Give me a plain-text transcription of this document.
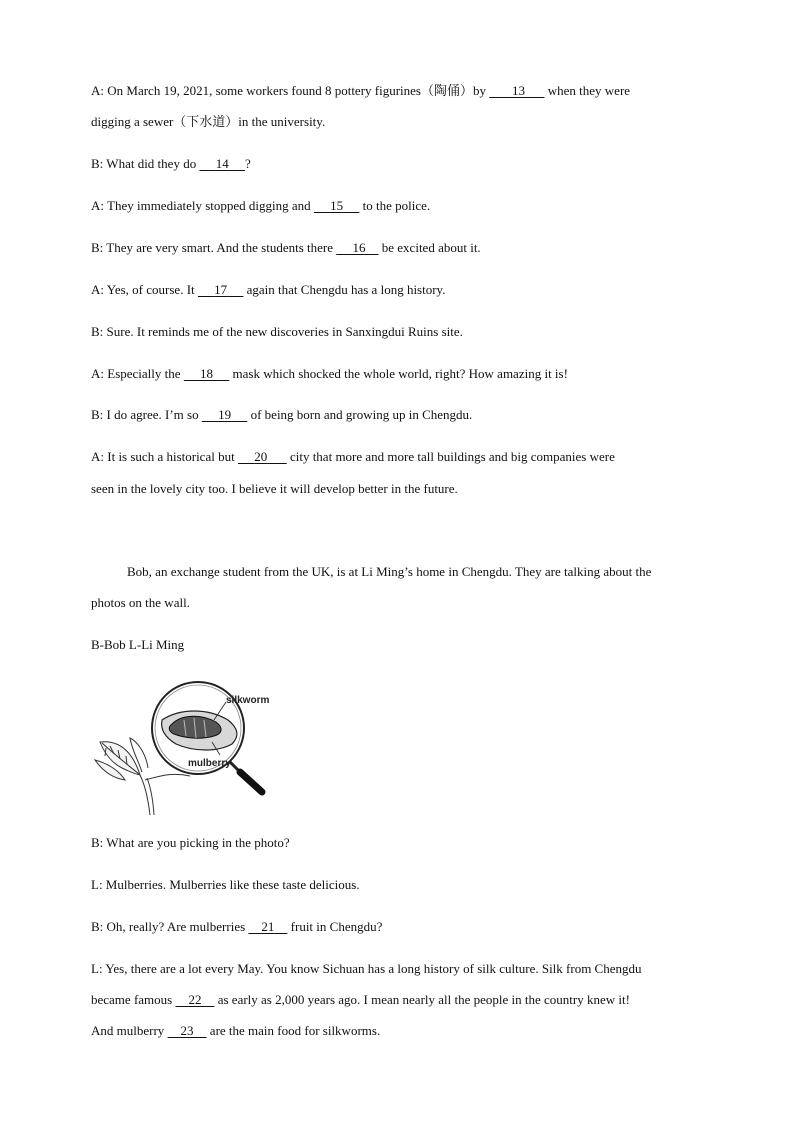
A: On March 19, 2021, some workers found 8 pottery figurines（陶俑）by        13       when they were
digging a sewer（下水道）in the university.
B: What did they do      14 ?
A: They immediately stopped digging and      15      to the police.
B: They are very smart. And the students there      16     be excited about it.
A: Yes, of course. It      17      again that Chengdu has a long history.
B: Sure. It reminds me of the new discoveries in Sanxingdui Ruins site.
A: Especially the      18      mask which shocked the whole world, right? How amazing it is!
B: I do agree. I’m so      19      of being born and growing up in Chengdu.
A: It is such a historical but      20       city that more and more tall buildings and big companies were
seen in the lovely city too. I believe it will develop better in the future.
Bob, an exchange student from the UK, is at Li Ming’s home in Chengdu. They are talking about the
photos on the wall.
B-Bob L-Li Ming
silkworm
mulberry
B: What are you picking in the photo?
L: Mulberries. Mulberries like these taste delicious.
B: Oh, really? Are mulberries     21     fruit in Chengdu?
L: Yes, there are a lot every May. You know Sichuan has a long history of silk culture. Silk from Chengdu
became famous     22     as early as 2,000 years ago. I mean nearly all the people in the country knew it!
And mulberry     23     are the main food for silkworms.
